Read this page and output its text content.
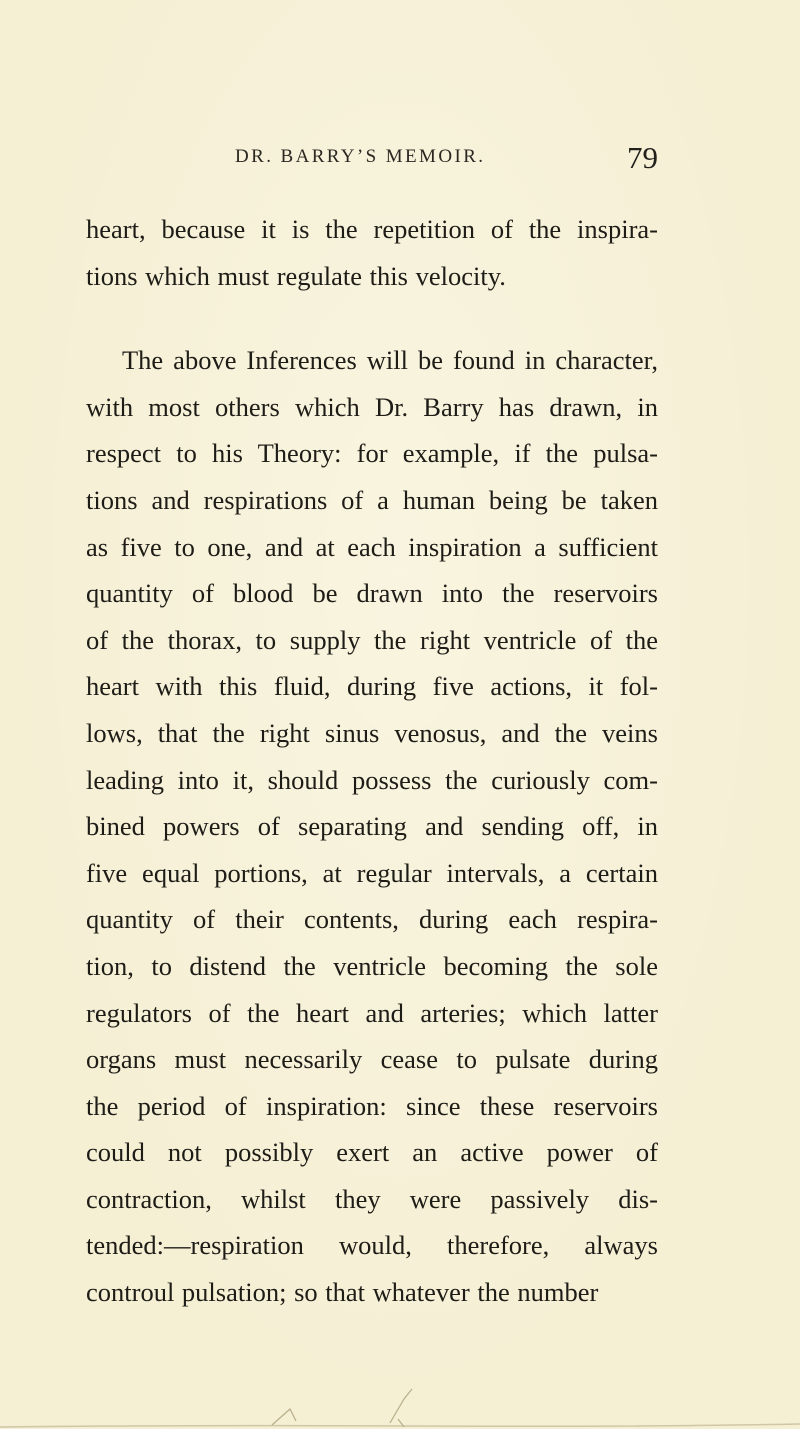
DR. BARRY’S MEMOIR.	79
heart, because it is the repetition of the inspira-
tions which must regulate this velocity.
The above Inferences will be found in character,
with most others which Dr. Barry has drawn, in
respect to his Theory: for example, if the pulsa-
tions and respirations of a human being be taken
as five to one, and at each inspiration a sufficient
quantity of blood be drawn into the reservoirs
of the thorax, to supply the right ventricle of the
heart with this fluid, during five actions, it fol-
lows, that the right sinus venosus, and the veins
leading into it, should possess the curiously com-
bined powers of separating and sending off, in
five equal portions, at regular intervals, a certain
quantity of their contents, during each respira-
tion, to distend the ventricle becoming the sole
regulators of the heart and arteries; which latter
organs must necessarily cease to pulsate during
the period of inspiration: since these reservoirs
could not possibly exert an active power of
contraction, whilst they were passively dis-
tended:—respiration would, therefore, always
controul pulsation; so that whatever the number
